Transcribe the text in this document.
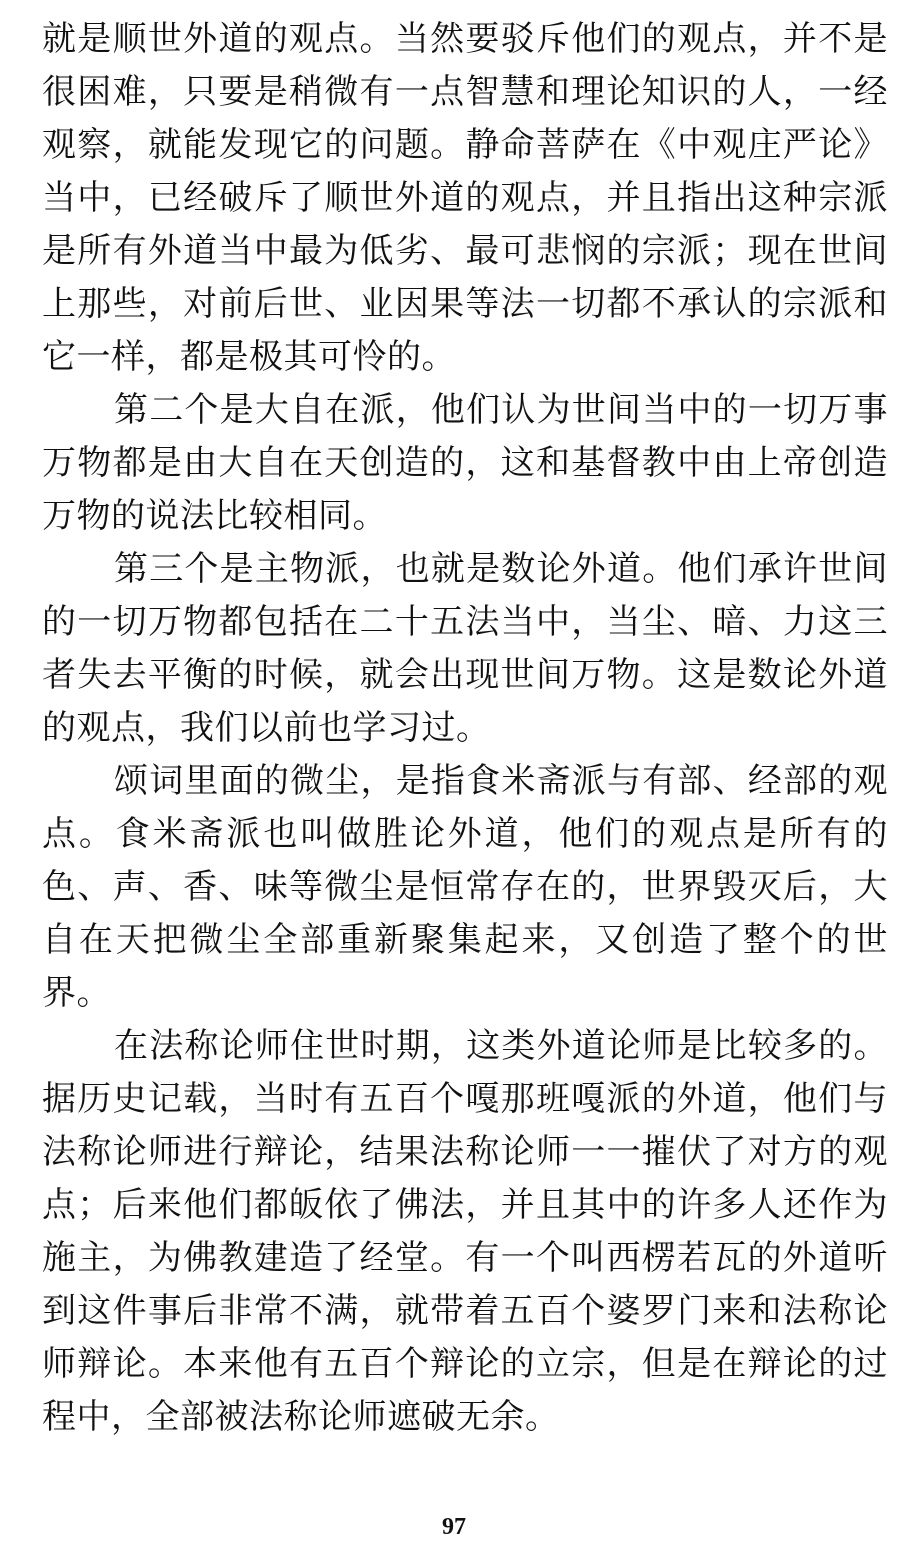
就是顺世外道的观点。当然要驳斥他们的观点，并不是很困难，只要是稍微有一点智慧和理论知识的人，一经观察，就能发现它的问题。静命菩萨在《中观庄严论》当中，已经破斥了顺世外道的观点，并且指出这种宗派是所有外道当中最为低劣、最可悲悯的宗派；现在世间上那些，对前后世、业因果等法一切都不承认的宗派和它一样，都是极其可怜的。

第二个是大自在派，他们认为世间当中的一切万事万物都是由大自在天创造的，这和基督教中由上帝创造万物的说法比较相同。

第三个是主物派，也就是数论外道。他们承许世间的一切万物都包括在二十五法当中，当尘、暗、力这三者失去平衡的时候，就会出现世间万物。这是数论外道的观点，我们以前也学习过。

颂词里面的微尘，是指食米斋派与有部、经部的观点。食米斋派也叫做胜论外道，他们的观点是所有的色、声、香、味等微尘是恒常存在的，世界毁灭后，大自在天把微尘全部重新聚集起来，又创造了整个的世界。

在法称论师住世时期，这类外道论师是比较多的。据历史记载，当时有五百个嘎那班嘎派的外道，他们与法称论师进行辩论，结果法称论师一一摧伏了对方的观点；后来他们都皈依了佛法，并且其中的许多人还作为施主，为佛教建造了经堂。有一个叫西楞若瓦的外道听到这件事后非常不满，就带着五百个婆罗门来和法称论师辩论。本来他有五百个辩论的立宗，但是在辩论的过程中，全部被法称论师遮破无余。

97
